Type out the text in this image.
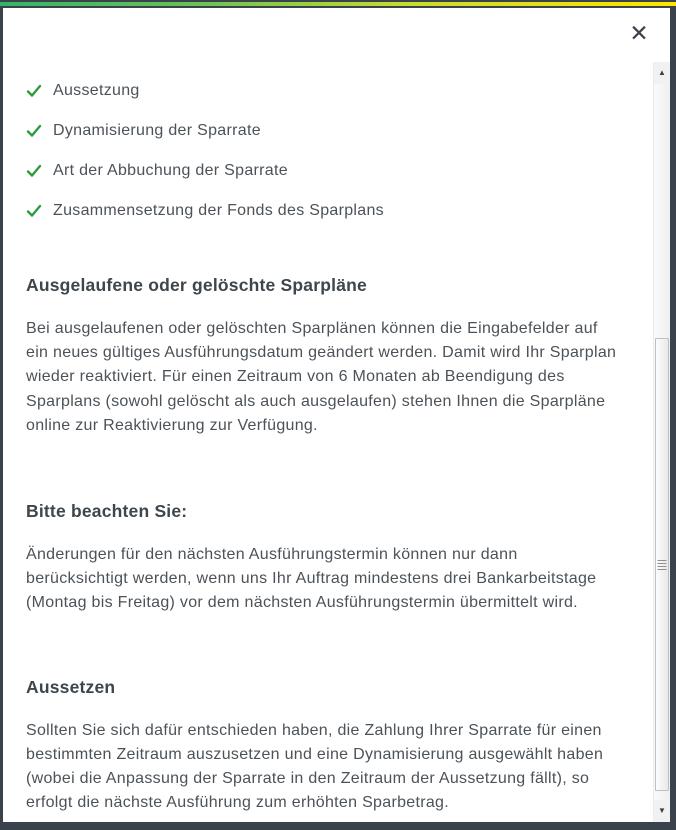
✕
Aussetzung
Dynamisierung der Sparrate
Art der Abbuchung der Sparrate
Zusammensetzung der Fonds des Sparplans
Ausgelaufene oder gelöschte Sparpläne

Bei ausgelaufenen oder gelöschten Sparplänen können die Eingabefelder auf ein neues gültiges Ausführungsdatum geändert werden. Damit wird Ihr Sparplan wieder reaktiviert. Für einen Zeitraum von 6 Monaten ab Beendigung des Sparplans (sowohl gelöscht als auch ausgelaufen) stehen Ihnen die Sparpläne online zur Reaktivierung zur Verfügung.

Bitte beachten Sie:

Änderungen für den nächsten Ausführungstermin können nur dann berücksichtigt werden, wenn uns Ihr Auftrag mindestens drei Bankarbeitstage (Montag bis Freitag) vor dem nächsten Ausführungstermin übermittelt wird.

Aussetzen

Sollten Sie sich dafür entschieden haben, die Zahlung Ihrer Sparrate für einen bestimmten Zeitraum auszusetzen und eine Dynamisierung ausgewählt haben (wobei die Anpassung der Sparrate in den Zeitraum der Aussetzung fällt), so erfolgt die nächste Ausführung zum erhöhten Sparbetrag.

▲
▼
